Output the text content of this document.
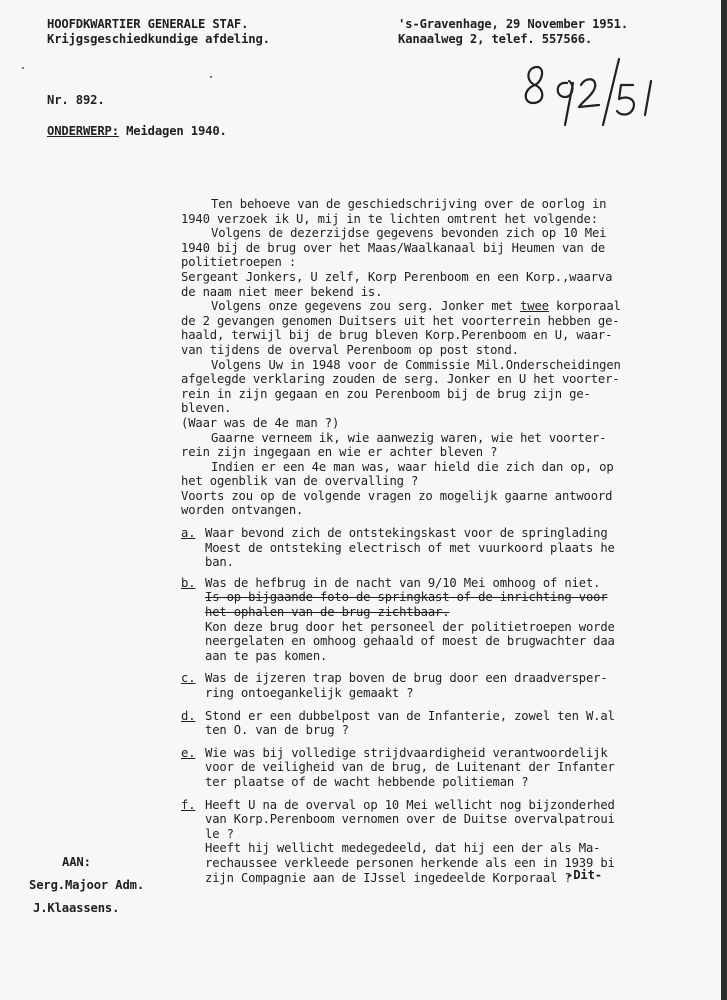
HOOFDKWARTIER GENERALE STAF.
Krijgsgeschiedkundige afdeling.
's-Gravenhage, 29 November 1951.
Kanaalweg 2, telef. 557566.
Nr. 892.
ONDERWERP: Meidagen 1940.
Ten behoeve van de geschiedschrijving over de oorlog in
1940 verzoek ik U, mij in te lichten omtrent het volgende:
Volgens de dezerzijdse gegevens bevonden zich op 10 Mei
1940 bij de brug over het Maas/Waalkanaal bij Heumen van de
politietroepen :
Sergeant Jonkers, U zelf, Korp Perenboom en een Korp.,waarva
de naam niet meer bekend is.
Volgens onze gegevens zou serg. Jonker met twee korporaal
de 2 gevangen genomen Duitsers uit het voorterrein hebben ge-
haald, terwijl bij de brug bleven Korp.Perenboom en U, waar-
van tijdens de overval Perenboom op post stond.
Volgens Uw in 1948 voor de Commissie Mil.Onderscheidingen
afgelegde verklaring zouden de serg. Jonker en U het voorter-
rein in zijn gegaan en zou Perenboom bij de brug zijn ge-
bleven.
(Waar was de 4e man ?)
Gaarne verneem ik, wie aanwezig waren, wie het voorter-
rein zijn ingegaan en wie er achter bleven ?
Indien er een 4e man was, waar hield die zich dan op, op
het ogenblik van de overvalling ?
Voorts zou op de volgende vragen zo mogelijk gaarne antwoord
worden ontvangen.
a. Waar bevond zich de ontstekingskast voor de springlading
Moest de ontsteking electrisch of met vuurkoord plaats he
ban.
b. Was de hefbrug in de nacht van 9/10 Mei omhoog of niet.
Is op bijgaande foto de springkast of de inrichting voor
het ophalen van de brug zichtbaar.
Kon deze brug door het personeel der politietroepen worde
neergelaten en omhoog gehaald of moest de brugwachter daa
aan te pas komen.
c. Was de ijzeren trap boven de brug door een draadversper-
ring ontoegankelijk gemaakt ?
d. Stond er een dubbelpost van de Infanterie, zowel ten W.al
ten O. van de brug ?
e. Wie was bij volledige strijdvaardigheid verantwoordelijk
voor de veiligheid van de brug, de Luitenant der Infanter
ter plaatse of de wacht hebbende politieman ?
f. Heeft U na de overval op 10 Mei wellicht nog bijzonderhed
van Korp.Perenboom vernomen over de Duitse overvalpatroui
le ?
Heeft hij wellicht medegedeeld, dat hij een der als Ma-
rechaussee verkleede personen herkende als een in 1939 bi
zijn Compagnie aan de IJssel ingedeelde Korporaal ?
-Dit-
AAN:
Serg.Majoor Adm.
J.Klaassens.
